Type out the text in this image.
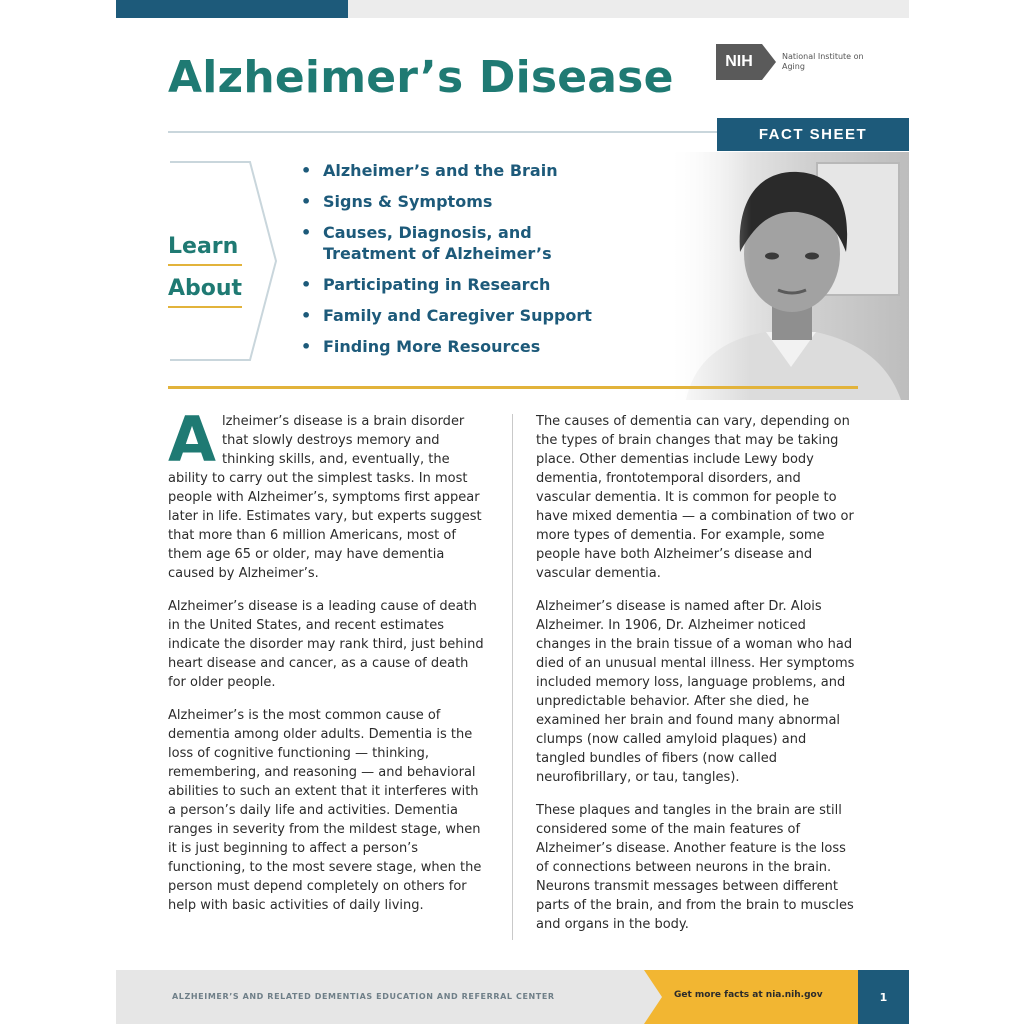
Alzheimer’s Disease	NIH	National Institute on Aging
FACT SHEET
Learn
About
• Alzheimer’s and the Brain
• Signs & Symptoms
• Causes, Diagnosis, and Treatment of Alzheimer’s
• Participating in Research
• Family and Caregiver Support
• Finding More Resources

Alzheimer’s disease is a brain disorder that slowly destroys memory and thinking skills, and, eventually, the ability to carry out the simplest tasks. In most people with Alzheimer’s, symptoms first appear later in life. Estimates vary, but experts suggest that more than 6 million Americans, most of them age 65 or older, may have dementia caused by Alzheimer’s.

Alzheimer’s disease is a leading cause of death in the United States, and recent estimates indicate the disorder may rank third, just behind heart disease and cancer, as a cause of death for older people.

Alzheimer’s is the most common cause of dementia among older adults. Dementia is the loss of cognitive functioning — thinking, remembering, and reasoning — and behavioral abilities to such an extent that it interferes with a person’s daily life and activities. Dementia ranges in severity from the mildest stage, when it is just beginning to affect a person’s functioning, to the most severe stage, when the person must depend completely on others for help with basic activities of daily living.

The causes of dementia can vary, depending on the types of brain changes that may be taking place. Other dementias include Lewy body dementia, frontotemporal disorders, and vascular dementia. It is common for people to have mixed dementia — a combination of two or more types of dementia. For example, some people have both Alzheimer’s disease and vascular dementia.

Alzheimer’s disease is named after Dr. Alois Alzheimer. In 1906, Dr. Alzheimer noticed changes in the brain tissue of a woman who had died of an unusual mental illness. Her symptoms included memory loss, language problems, and unpredictable behavior. After she died, he examined her brain and found many abnormal clumps (now called amyloid plaques) and tangled bundles of fibers (now called neurofibrillary, or tau, tangles).

These plaques and tangles in the brain are still considered some of the main features of Alzheimer’s disease. Another feature is the loss of connections between neurons in the brain. Neurons transmit messages between different parts of the brain, and from the brain to muscles and organs in the body.

ALZHEIMER’S AND RELATED DEMENTIAS EDUCATION AND REFERRAL CENTER	Get more facts at nia.nih.gov	1
